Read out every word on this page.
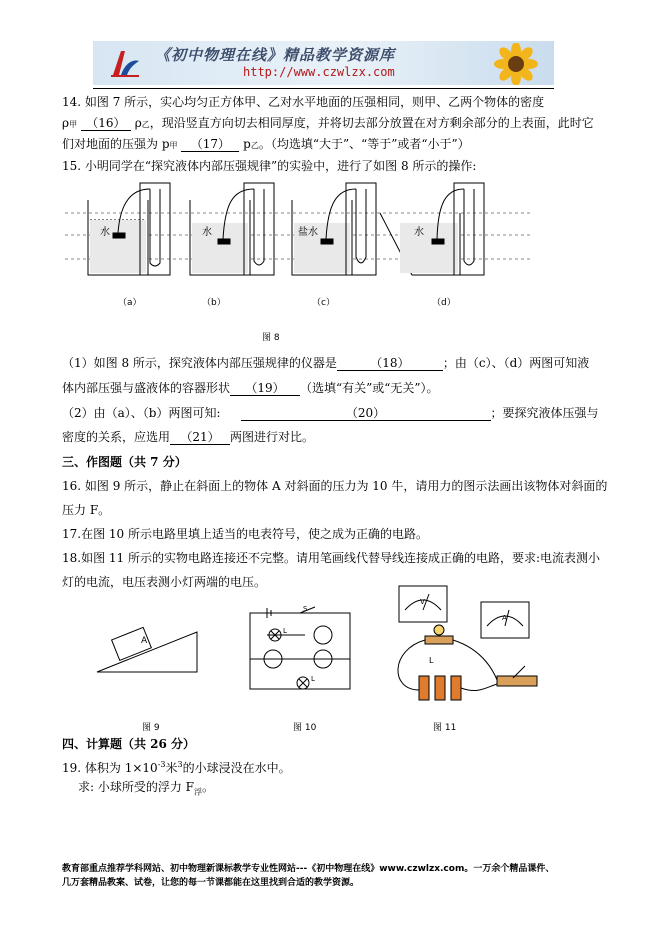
《初中物理在线》精品教学资源库
http://www.czwlzx.com
14. 如图 7 所示，实心均匀正方体甲、乙对水平地面的压强相同，则甲、乙两个物体的密度
ρ甲 （16） ρ乙，现沿竖直方向切去相同厚度，并将切去部分放置在对方剩余部分的上表面，此时它
们对地面的压强为 p甲 （17） p乙。（均选填“大于”、“等于”或者“小于”）
15. 小明同学在“探究液体内部压强规律”的实验中，进行了如图 8 所示的操作:
水	水	盐水	水
（a）	（b）	（c）	（d）
图 8
（1）如图 8 所示，探究液体内部压强规律的仪器是	（18）	；由（c）、（d）两图可知液
体内部压强与盛液体的容器形状 （19） （选填“有关”或“无关”）。
（2）由（a）、（b）两图可知:	（20）	；要探究液体压强与
密度的关系，应选用 （21） 两图进行对比。
三、作图题（共 7 分）
16. 如图 9 所示，静止在斜面上的物体 A 对斜面的压力为 10 牛，请用力的图示法画出该物体对斜面的
压力 F。
17.在图 10 所示电路里填上适当的电表符号，使之成为正确的电路。
18.如图 11 所示的实物电路连接还不完整。请用笔画线代替导线连接成正确的电路，要求:电流表测小
灯的电流，电压表测小灯两端的电压。
A
图 9
S
L
L
图 10
V
A
L
图 11
四、计算题（共 26 分）
19. 体积为 $1\times 10^{-3}$米$^3$的小球浸没在水中。
求: 小球所受的浮力 $F_浮$。
教育部重点推荐学科网站、初中物理新课标教学专业性网站---《初中物理在线》www.czwlzx.com。一万余个精品课件、
几万套精品教案、试卷，让您的每一节课都能在这里找到合适的教学资源。
